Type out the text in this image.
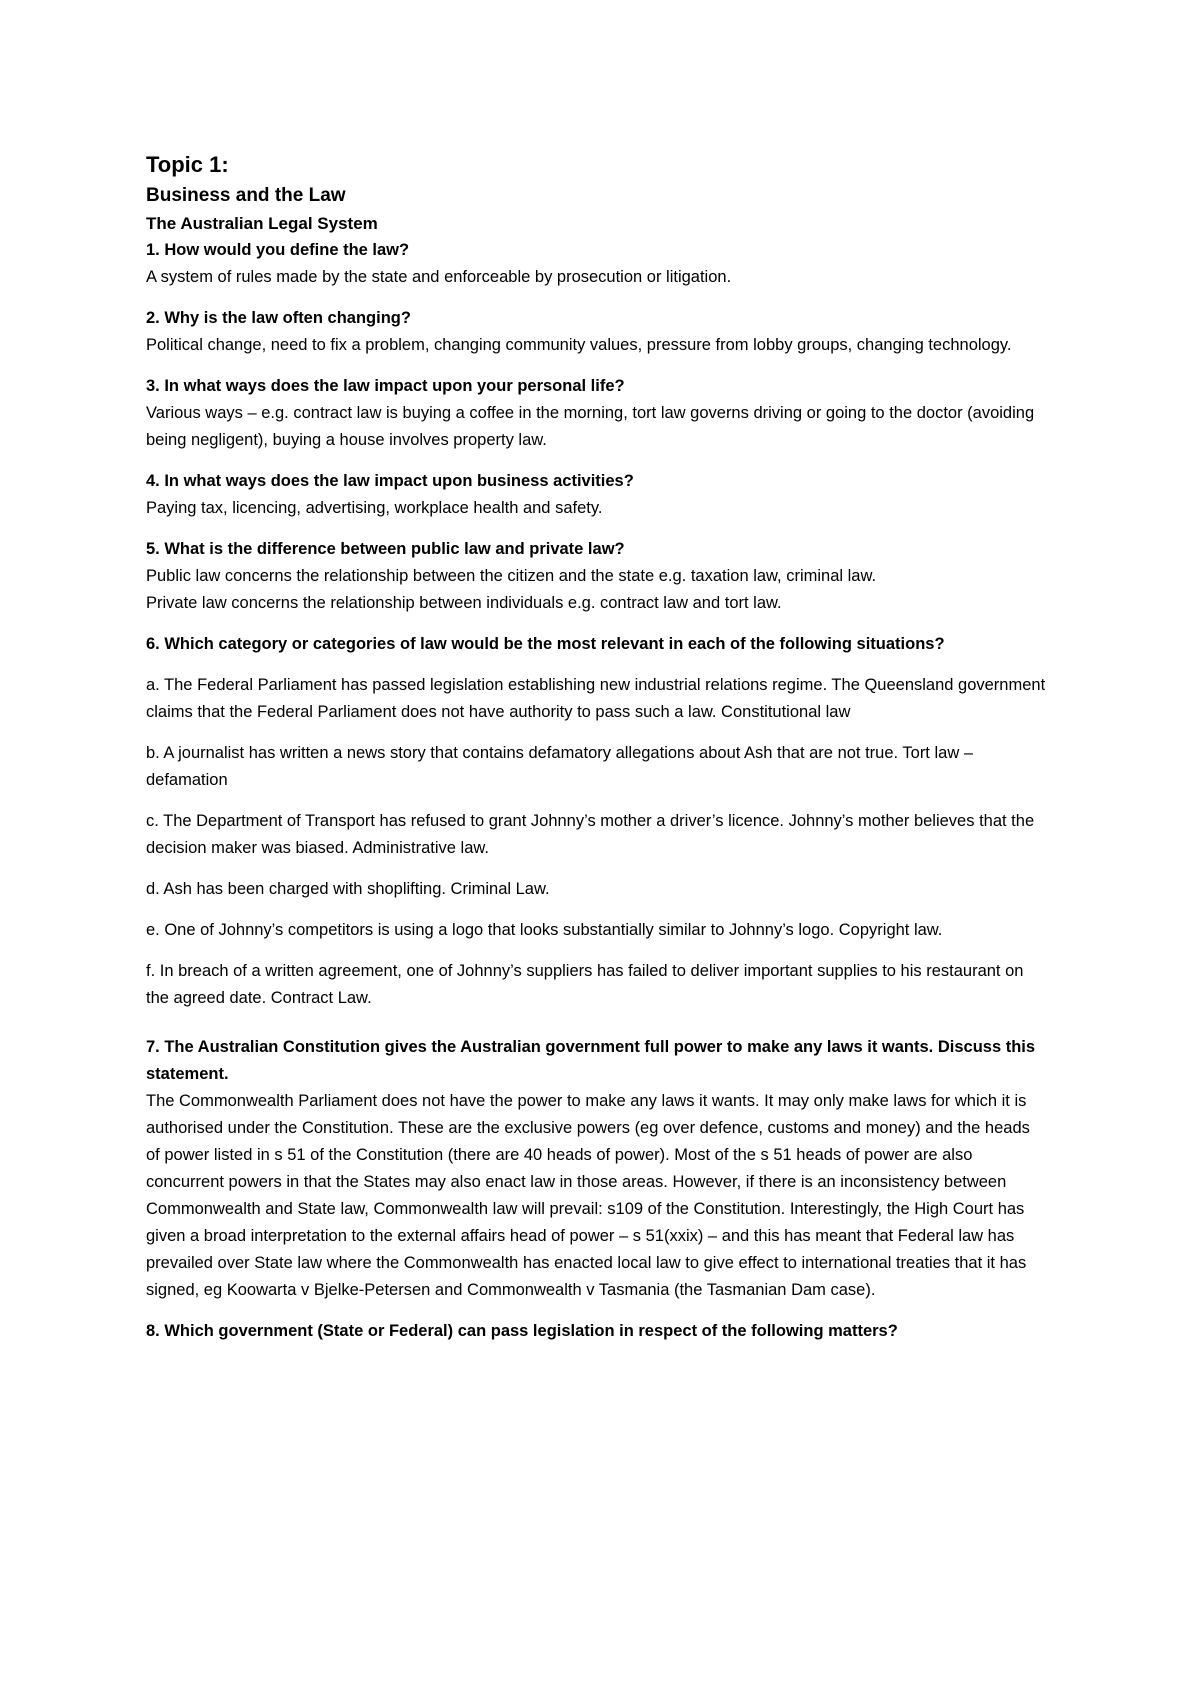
Topic 1:
Business and the Law
The Australian Legal System

1. How would you define the law?

A system of rules made by the state and enforceable by prosecution or litigation.

2. Why is the law often changing?

Political change, need to fix a problem, changing community values, pressure from lobby groups, changing technology.

3. In what ways does the law impact upon your personal life?

Various ways – e.g. contract law is buying a coffee in the morning, tort law governs driving or going to the doctor (avoiding being negligent), buying a house involves property law.

4. In what ways does the law impact upon business activities?

Paying tax, licencing, advertising, workplace health and safety.

5. What is the difference between public law and private law?

Public law concerns the relationship between the citizen and the state e.g. taxation law, criminal law.

Private law concerns the relationship between individuals e.g. contract law and tort law.

6. Which category or categories of law would be the most relevant in each of the following situations?

a. The Federal Parliament has passed legislation establishing new industrial relations regime. The Queensland government claims that the Federal Parliament does not have authority to pass such a law. Constitutional law

b. A journalist has written a news story that contains defamatory allegations about Ash that are not true. Tort law – defamation

c. The Department of Transport has refused to grant Johnny’s mother a driver’s licence. Johnny’s mother believes that the decision maker was biased. Administrative law.

d. Ash has been charged with shoplifting. Criminal Law.

e. One of Johnny’s competitors is using a logo that looks substantially similar to Johnny’s logo. Copyright law.

f. In breach of a written agreement, one of Johnny’s suppliers has failed to deliver important supplies to his restaurant on the agreed date. Contract Law.

7. The Australian Constitution gives the Australian government full power to make any laws it wants. Discuss this statement.

The Commonwealth Parliament does not have the power to make any laws it wants. It may only make laws for which it is authorised under the Constitution. These are the exclusive powers (eg over defence, customs and money) and the heads of power listed in s 51 of the Constitution (there are 40 heads of power). Most of the s 51 heads of power are also concurrent powers in that the States may also enact law in those areas. However, if there is an inconsistency between Commonwealth and State law, Commonwealth law will prevail: s109 of the Constitution. Interestingly, the High Court has given a broad interpretation to the external affairs head of power – s 51(xxix) – and this has meant that Federal law has prevailed over State law where the Commonwealth has enacted local law to give effect to international treaties that it has signed, eg Koowarta v Bjelke-Petersen and Commonwealth v Tasmania (the Tasmanian Dam case).

8. Which government (State or Federal) can pass legislation in respect of the following matters?
